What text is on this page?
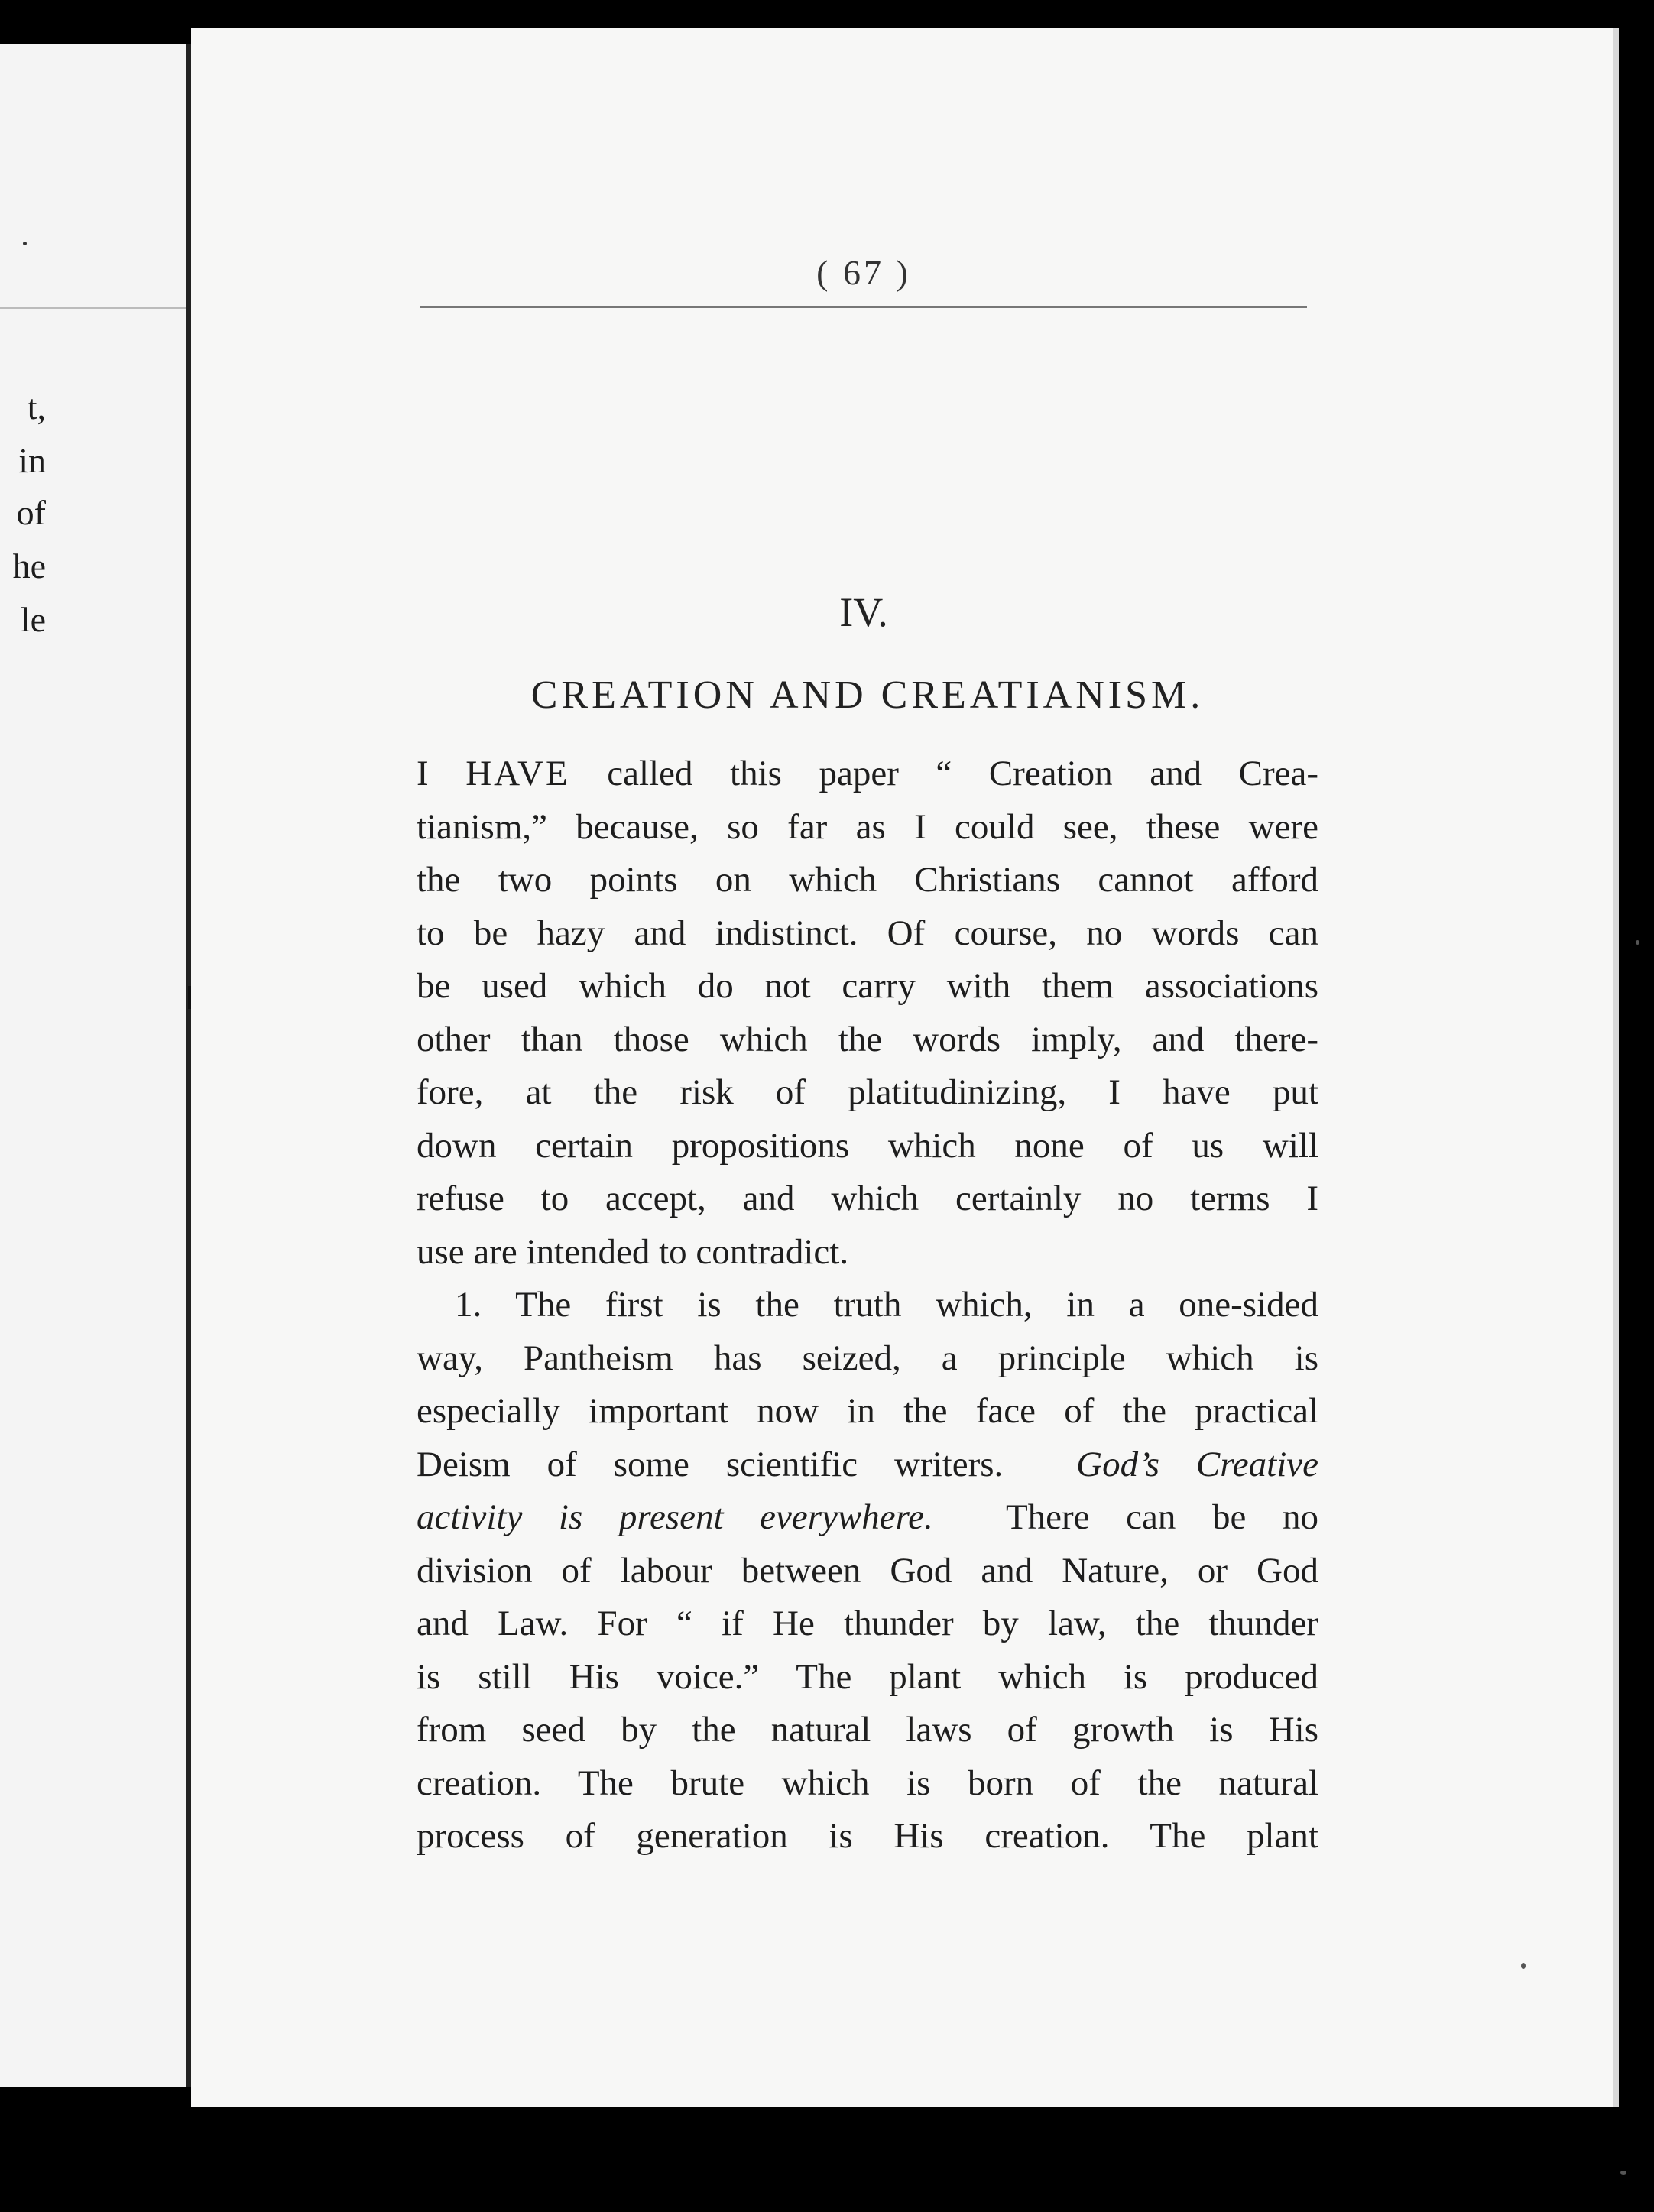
t,
in
of
he
le
( 67 )
IV.
CREATION AND CREATIANISM.
I HAVE called this paper “ Creation and Crea-
tianism,” because, so far as I could see, these were
the two points on which Christians cannot afford
to be hazy and indistinct. Of course, no words can
be used which do not carry with them associations
other than those which the words imply, and there-
fore, at the risk of platitudinizing, I have put
down certain propositions which none of us will
refuse to accept, and which certainly no terms I
use are intended to contradict.
1. The first is the truth which, in a one-sided
way, Pantheism has seized, a principle which is
especially important now in the face of the practical
Deism of some scientific writers. God’s Creative
activity is present everywhere. There can be no
division of labour between God and Nature, or God
and Law. For “ if He thunder by law, the thunder
is still His voice.” The plant which is produced
from seed by the natural laws of growth is His
creation. The brute which is born of the natural
process of generation is His creation. The plant
